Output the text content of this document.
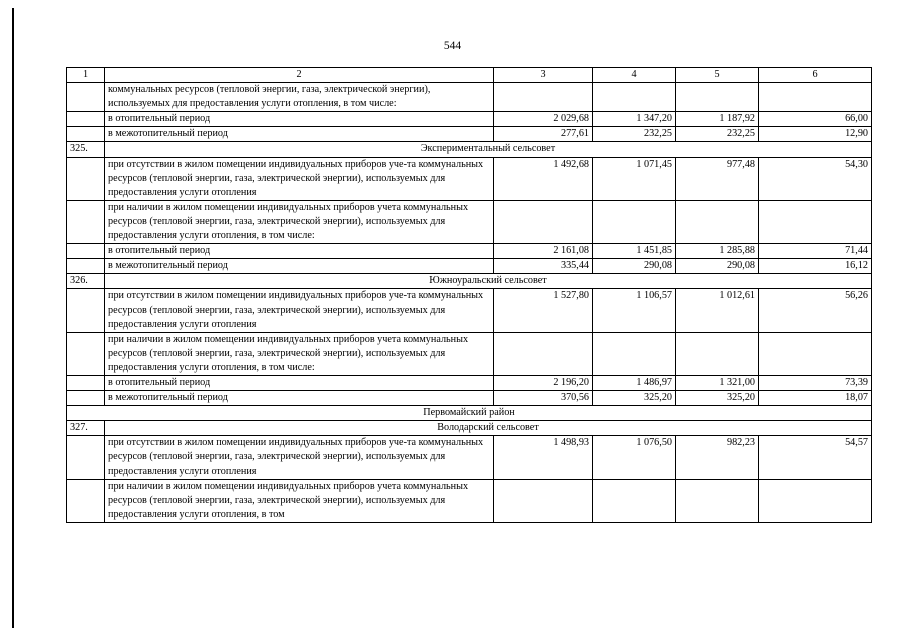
544
1	2	3	4	5	6
	коммунальных ресурсов (тепловой энергии, газа, электрической энергии), используемых для предоставления услуги отопления, в том числе:				
	в отопительный период	2 029,68	1 347,20	1 187,92	66,00
	в межотопительный период	277,61	232,25	232,25	12,90
325.	Экспериментальный сельсовет				
	при отсутствии в жилом помещении индивидуальных приборов уче-та коммунальных ресурсов (тепловой энергии, газа, электрической энергии), используемых для предоставления услуги отопления	1 492,68	1 071,45	977,48	54,30
	при наличии в жилом помещении индивидуальных приборов учета коммунальных ресурсов (тепловой энергии, газа, электрической энергии), используемых для предоставления услуги отопления, в том числе:				
	в отопительный период	2 161,08	1 451,85	1 285,88	71,44
	в межотопительный период	335,44	290,08	290,08	16,12
326.	Южноуральский сельсовет				
	при отсутствии в жилом помещении индивидуальных приборов уче-та коммунальных ресурсов (тепловой энергии, газа, электрической энергии), используемых для предоставления услуги отопления	1 527,80	1 106,57	1 012,61	56,26
	при наличии в жилом помещении индивидуальных приборов учета коммунальных ресурсов (тепловой энергии, газа, электрической энергии), используемых для предоставления услуги отопления, в том числе:				
	в отопительный период	2 196,20	1 486,97	1 321,00	73,39
	в межотопительный период	370,56	325,20	325,20	18,07
Первомайский район					
327.	Володарский сельсовет				
	при отсутствии в жилом помещении индивидуальных приборов уче-та коммунальных ресурсов (тепловой энергии, газа, электрической энергии), используемых для предоставления услуги отопления	1 498,93	1 076,50	982,23	54,57
	при наличии в жилом помещении индивидуальных приборов учета коммунальных ресурсов (тепловой энергии, газа, электрической энергии), используемых для предоставления услуги отопления, в том				
